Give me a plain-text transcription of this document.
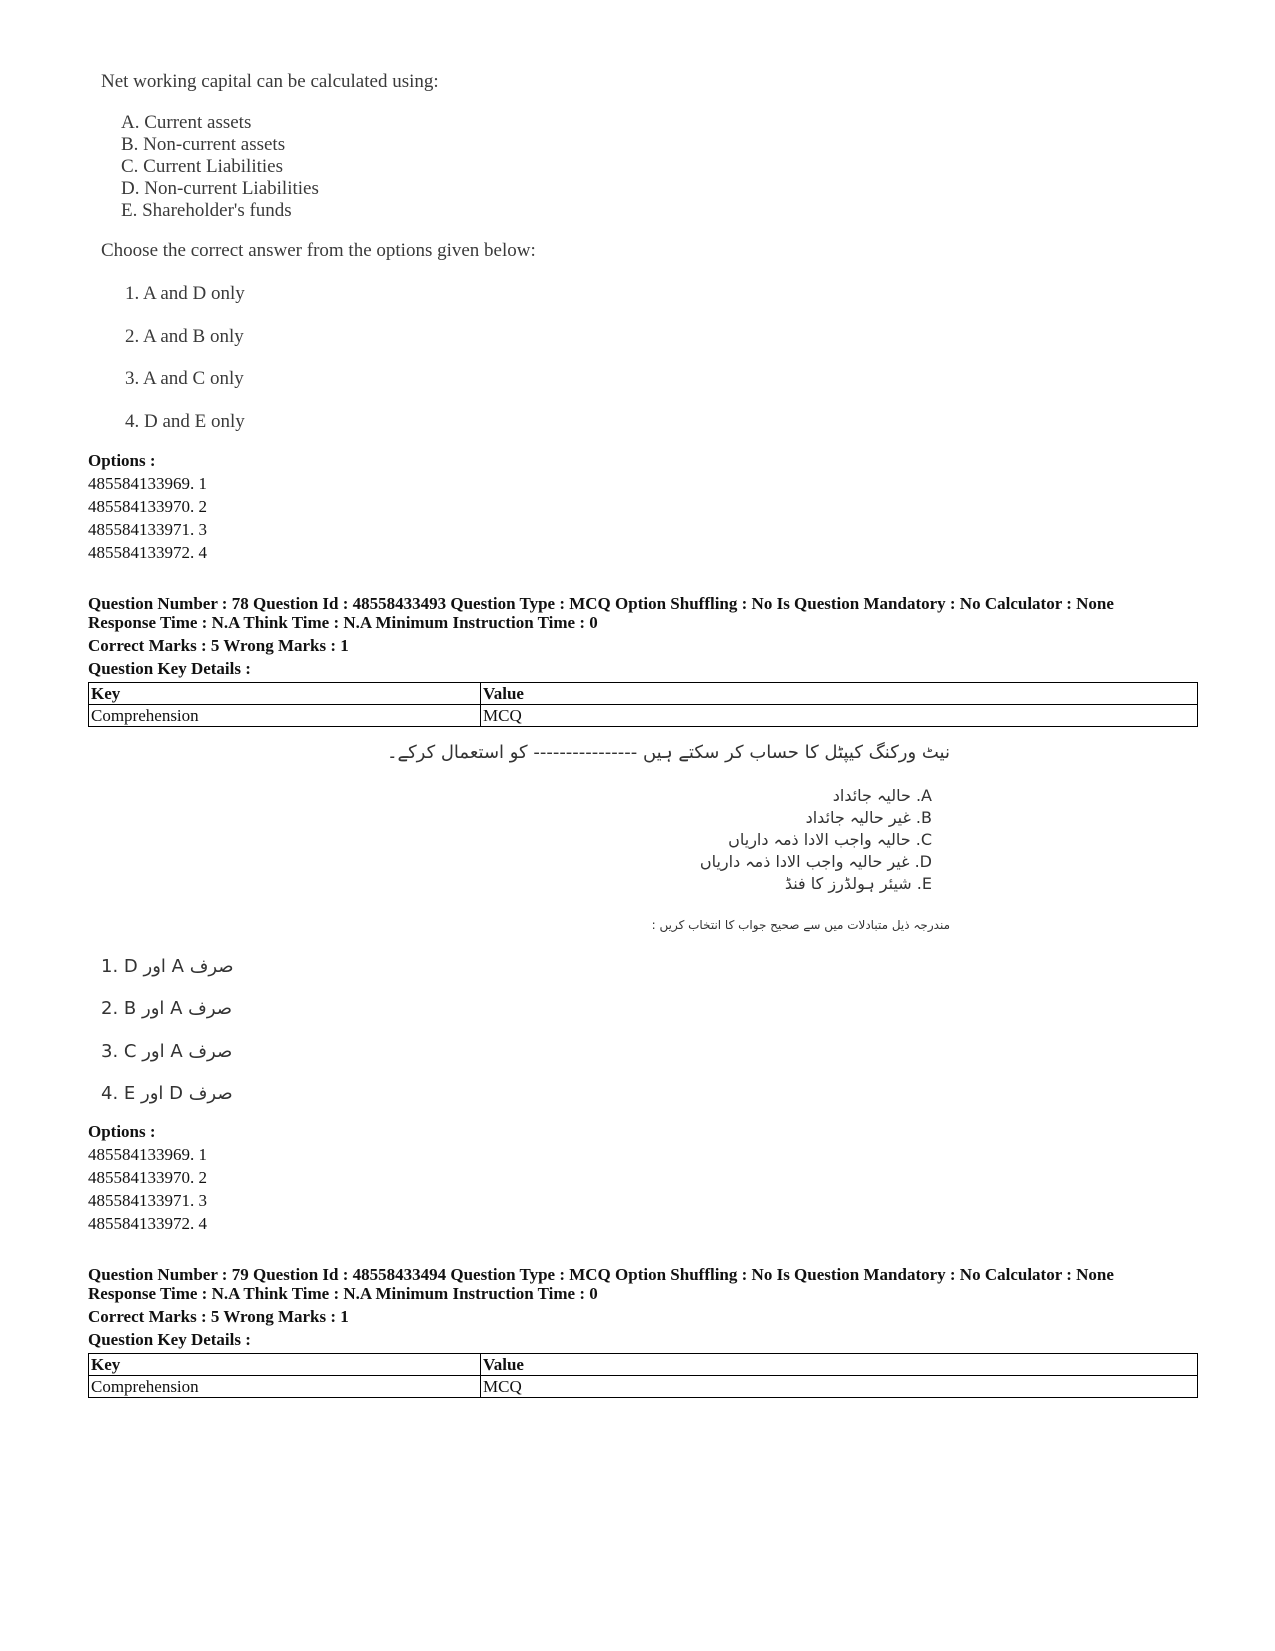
Net working capital can be calculated using:
A. Current assets
B. Non-current assets
C. Current Liabilities
D. Non-current Liabilities
E. Shareholder's funds
Choose the correct answer from the options given below:
1. A and D only
2. A and B only
3. A and C only
4. D and E only
Options :
485584133969. 1
485584133970. 2
485584133971. 3
485584133972. 4
Question Number : 78 Question Id : 48558433493 Question Type : MCQ Option Shuffling : No Is Question Mandatory : No Calculator : None
Response Time : N.A Think Time : N.A Minimum Instruction Time : 0
Correct Marks : 5 Wrong Marks : 1
Question Key Details :
Key	Value
Comprehension	MCQ
نیٹ ورکنگ کیپٹل کا حساب کر سکتے ہیں ---------------- کو استعمال کرکے۔
A. حالیہ جائداد
B. غیر حالیہ جائداد
C. حالیہ واجب الادا ذمہ داریاں
D. غیر حالیہ واجب الادا ذمہ داریاں
E. شیئر ہولڈرز کا فنڈ
مندرجہ ذیل متبادلات میں سے صحیح جواب کا انتخاب کریں :
1. صرف A اور D
2. صرف A اور B
3. صرف A اور C
4. صرف D اور E
Options :
485584133969. 1
485584133970. 2
485584133971. 3
485584133972. 4
Question Number : 79 Question Id : 48558433494 Question Type : MCQ Option Shuffling : No Is Question Mandatory : No Calculator : None
Response Time : N.A Think Time : N.A Minimum Instruction Time : 0
Correct Marks : 5 Wrong Marks : 1
Question Key Details :
Key	Value
Comprehension	MCQ
